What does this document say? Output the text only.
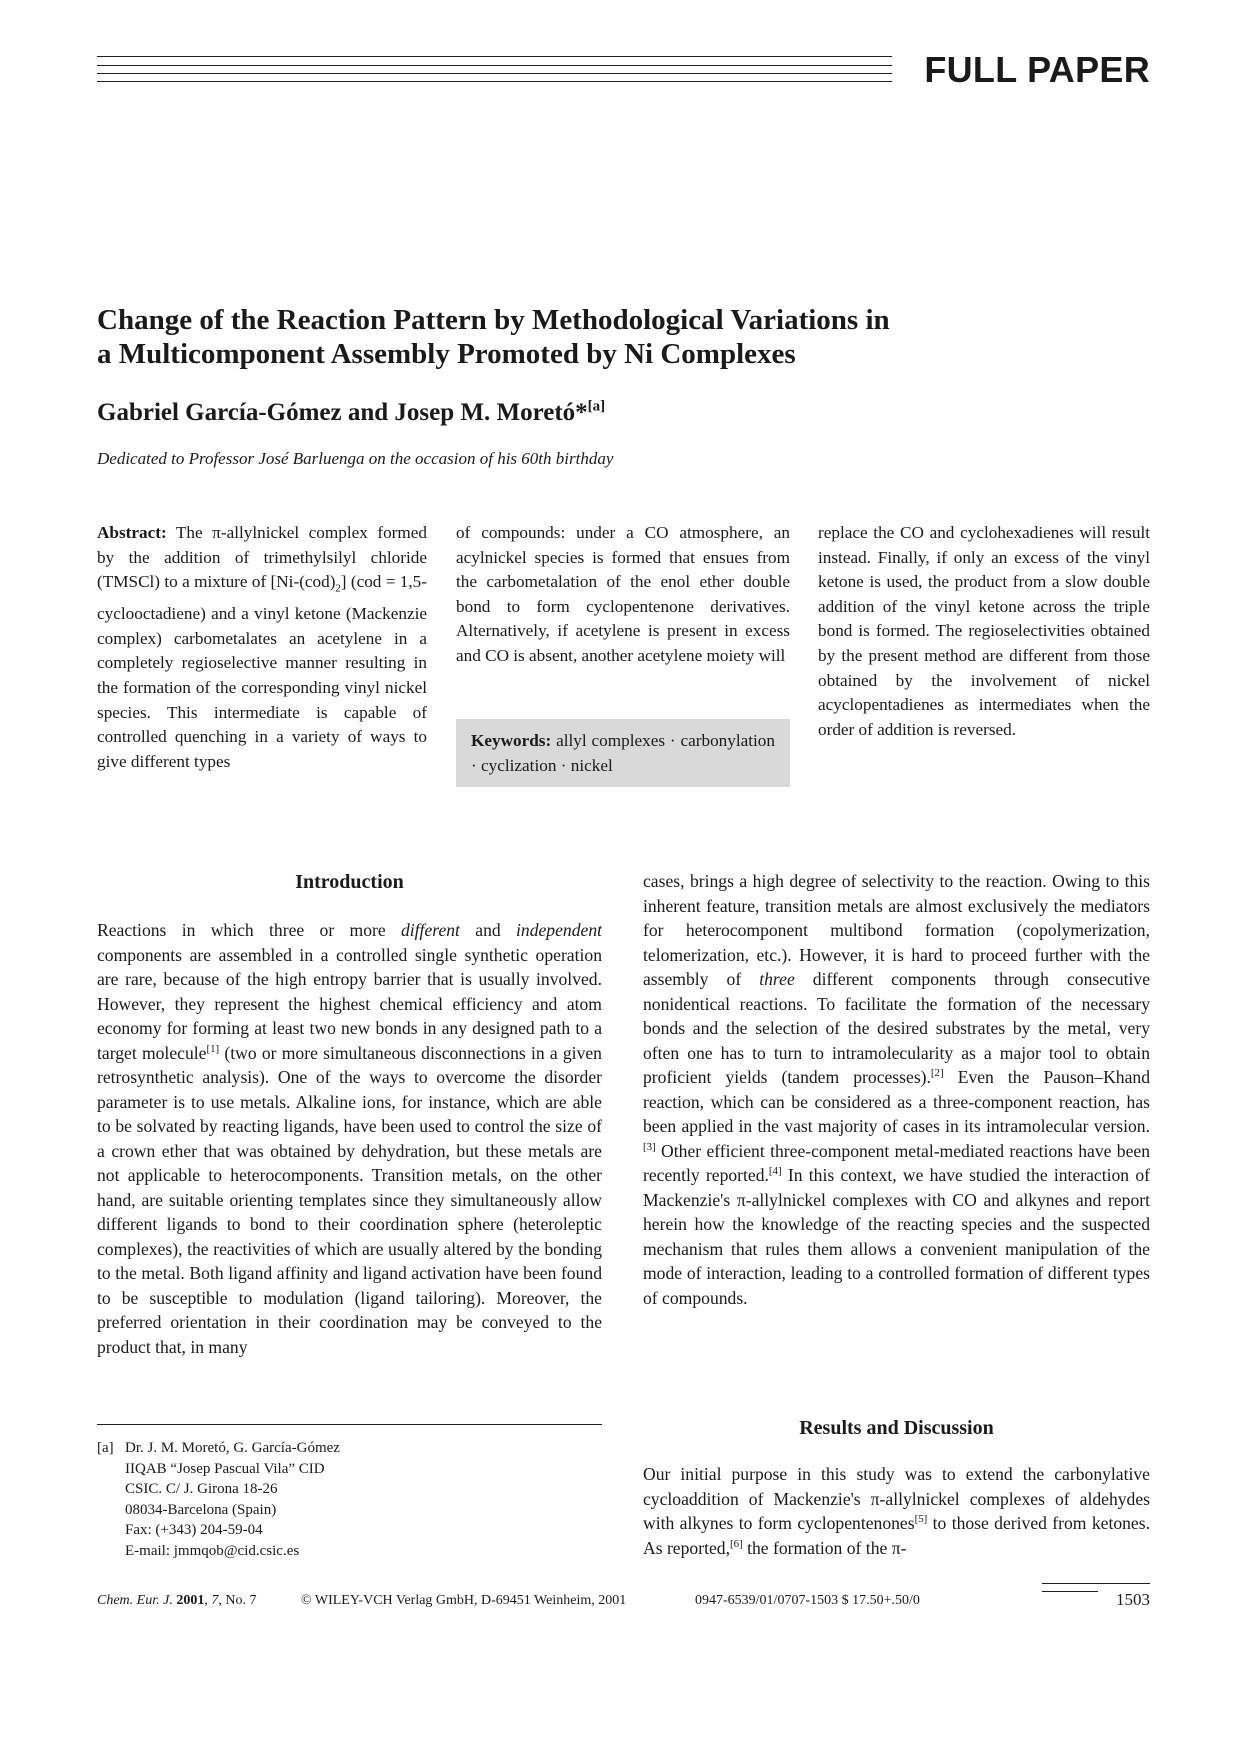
FULL PAPER
Change of the Reaction Pattern by Methodological Variations in
a Multicomponent Assembly Promoted by Ni Complexes
Gabriel García-Gómez and Josep M. Moretó*[a]
Dedicated to Professor José Barluenga on the occasion of his 60th birthday
Abstract: The π-allylnickel complex formed by the addition of trimethylsilyl chloride (TMSCl) to a mixture of $[Ni-(cod)_2] (cod$ = 1,5-cyclooctadiene) and a vinyl ketone (Mackenzie complex) carbometalates an acetylene in a completely regioselective manner resulting in the formation of the corresponding vinyl nickel species. This intermediate is capable of controlled quenching in a variety of ways to give different types
of compounds: under a CO atmosphere, an acylnickel species is formed that ensues from the carbometalation of the enol ether double bond to form cyclopentenone derivatives. Alternatively, if acetylene is present in excess and CO is absent, another acetylene moiety will
replace the CO and cyclohexadienes will result instead. Finally, if only an excess of the vinyl ketone is used, the product from a slow double addition of the vinyl ketone across the triple bond is formed. The regioselectivities obtained by the present method are different from those obtained by the involvement of nickel acyclopentadienes as intermediates when the order of addition is reversed.
Keywords: allyl complexes · carbonylation · cyclization · nickel
Introduction
Reactions in which three or more different and independent components are assembled in a controlled single synthetic operation are rare, because of the high entropy barrier that is usually involved. However, they represent the highest chemical efficiency and atom economy for forming at least two new bonds in any designed path to a target molecule[1] (two or more simultaneous disconnections in a given retrosynthetic analysis). One of the ways to overcome the disorder parameter is to use metals. Alkaline ions, for instance, which are able to be solvated by reacting ligands, have been used to control the size of a crown ether that was obtained by dehydration, but these metals are not applicable to heterocomponents. Transition metals, on the other hand, are suitable orienting templates since they simultaneously allow different ligands to bond to their coordination sphere (heteroleptic complexes), the reactivities of which are usually altered by the bonding to the metal. Both ligand affinity and ligand activation have been found to be susceptible to modulation (ligand tailoring). Moreover, the preferred orientation in their coordination may be conveyed to the product that, in many
cases, brings a high degree of selectivity to the reaction. Owing to this inherent feature, transition metals are almost exclusively the mediators for heterocomponent multibond formation (copolymerization, telomerization, etc.). However, it is hard to proceed further with the assembly of three different components through consecutive nonidentical reactions. To facilitate the formation of the necessary bonds and the selection of the desired substrates by the metal, very often one has to turn to intramolecularity as a major tool to obtain proficient yields (tandem processes).[2] Even the Pauson–Khand reaction, which can be considered as a three-component reaction, has been applied in the vast majority of cases in its intramolecular version.[3] Other efficient three-component metal-mediated reactions have been recently reported.[4] In this context, we have studied the interaction of Mackenzie's π-allylnickel complexes with CO and alkynes and report herein how the knowledge of the reacting species and the suspected mechanism that rules them allows a convenient manipulation of the mode of interaction, leading to a controlled formation of different types of compounds.
Results and Discussion
Our initial purpose in this study was to extend the carbonylative cycloaddition of Mackenzie's π-allylnickel complexes of aldehydes with alkynes to form cyclopentenones[5] to those derived from ketones. As reported,[6] the formation of the π-
[a] Dr. J. M. Moretó, G. García-Gómez
IIQAB “Josep Pascual Vila” CID
CSIC. C/ J. Girona 18-26
08034-Barcelona (Spain)
Fax: (+343) 204-59-04
E-mail: jmmqob@cid.csic.es
Chem. Eur. J. 2001, 7, No. 7	© WILEY-VCH Verlag GmbH, D-69451 Weinheim, 2001	0947-6539/01/0707-1503 $ 17.50+.50/0	1503
